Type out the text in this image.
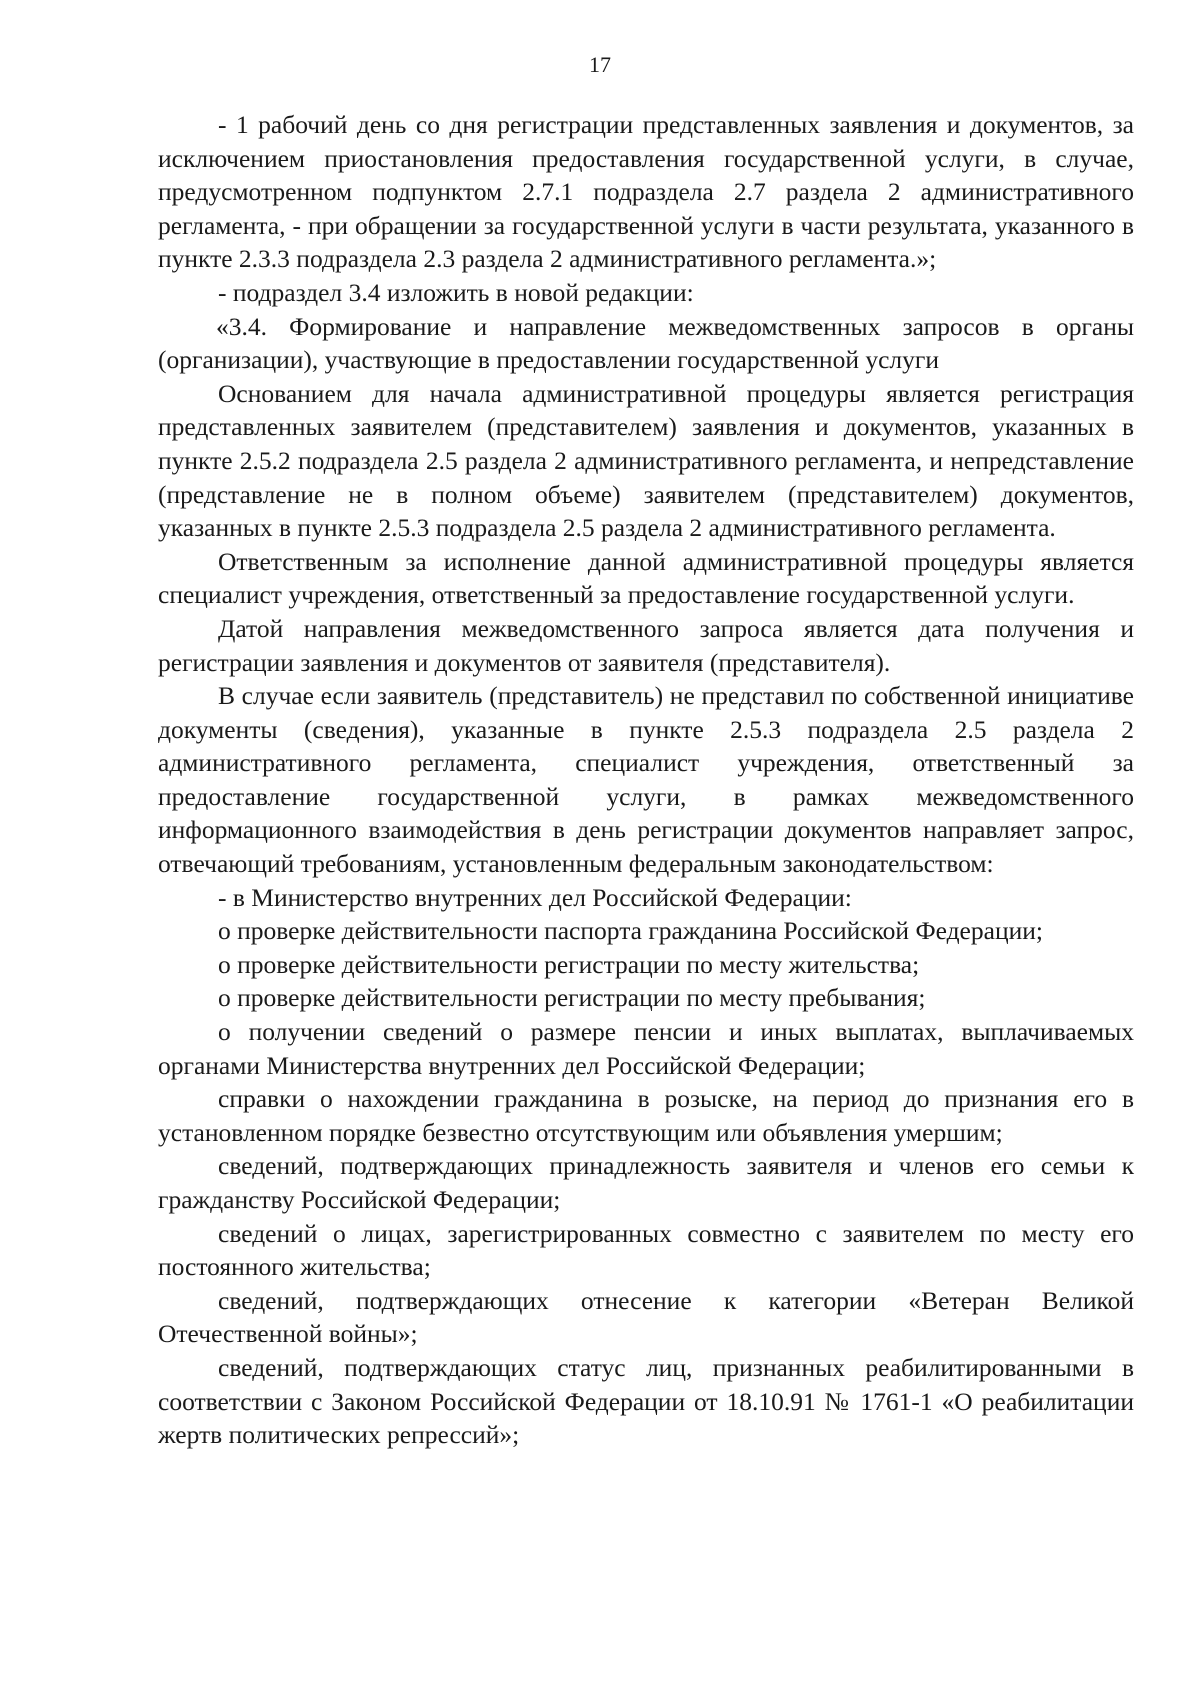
17

- 1 рабочий день со дня регистрации представленных заявления и документов, за исключением приостановления предоставления государственной услуги, в случае, предусмотренном подпунктом 2.7.1 подраздела 2.7 раздела 2 административного регламента, - при обращении за государственной услуги в части результата, указанного в пункте 2.3.3 подраздела 2.3 раздела 2 административного регламента.»;

- подраздел 3.4 изложить в новой редакции:

«3.4. Формирование и направление межведомственных запросов в органы (организации), участвующие в предоставлении государственной услуги

Основанием для начала административной процедуры является регистрация представленных заявителем (представителем) заявления и документов, указанных в пункте 2.5.2 подраздела 2.5 раздела 2 административного регламента, и непредставление (представление не в полном объеме) заявителем (представителем) документов, указанных в пункте 2.5.3 подраздела 2.5 раздела 2 административного регламента.

Ответственным за исполнение данной административной процедуры является специалист учреждения, ответственный за предоставление государственной услуги.

Датой направления межведомственного запроса является дата получения и регистрации заявления и документов от заявителя (представителя).

В случае если заявитель (представитель) не представил по собственной инициативе документы (сведения), указанные в пункте 2.5.3 подраздела 2.5 раздела 2 административного регламента, специалист учреждения, ответственный за предоставление государственной услуги, в рамках межведомственного информационного взаимодействия в день регистрации документов направляет запрос, отвечающий требованиям, установленным федеральным законодательством:

- в Министерство внутренних дел Российской Федерации:

о проверке действительности паспорта гражданина Российской Федерации;

о проверке действительности регистрации по месту жительства;

о проверке действительности регистрации по месту пребывания;

о получении сведений о размере пенсии и иных выплатах, выплачиваемых органами Министерства внутренних дел Российской Федерации;

справки о нахождении гражданина в розыске, на период до признания его в установленном порядке безвестно отсутствующим или объявления умершим;

сведений, подтверждающих принадлежность заявителя и членов его семьи к гражданству Российской Федерации;

сведений о лицах, зарегистрированных совместно с заявителем по месту его постоянного жительства;

сведений, подтверждающих отнесение к категории «Ветеран Великой Отечественной войны»;

сведений, подтверждающих статус лиц, признанных реабилитированными в соответствии с Законом Российской Федерации от 18.10.91 № 1761-1 «О реабилитации жертв политических репрессий»;
